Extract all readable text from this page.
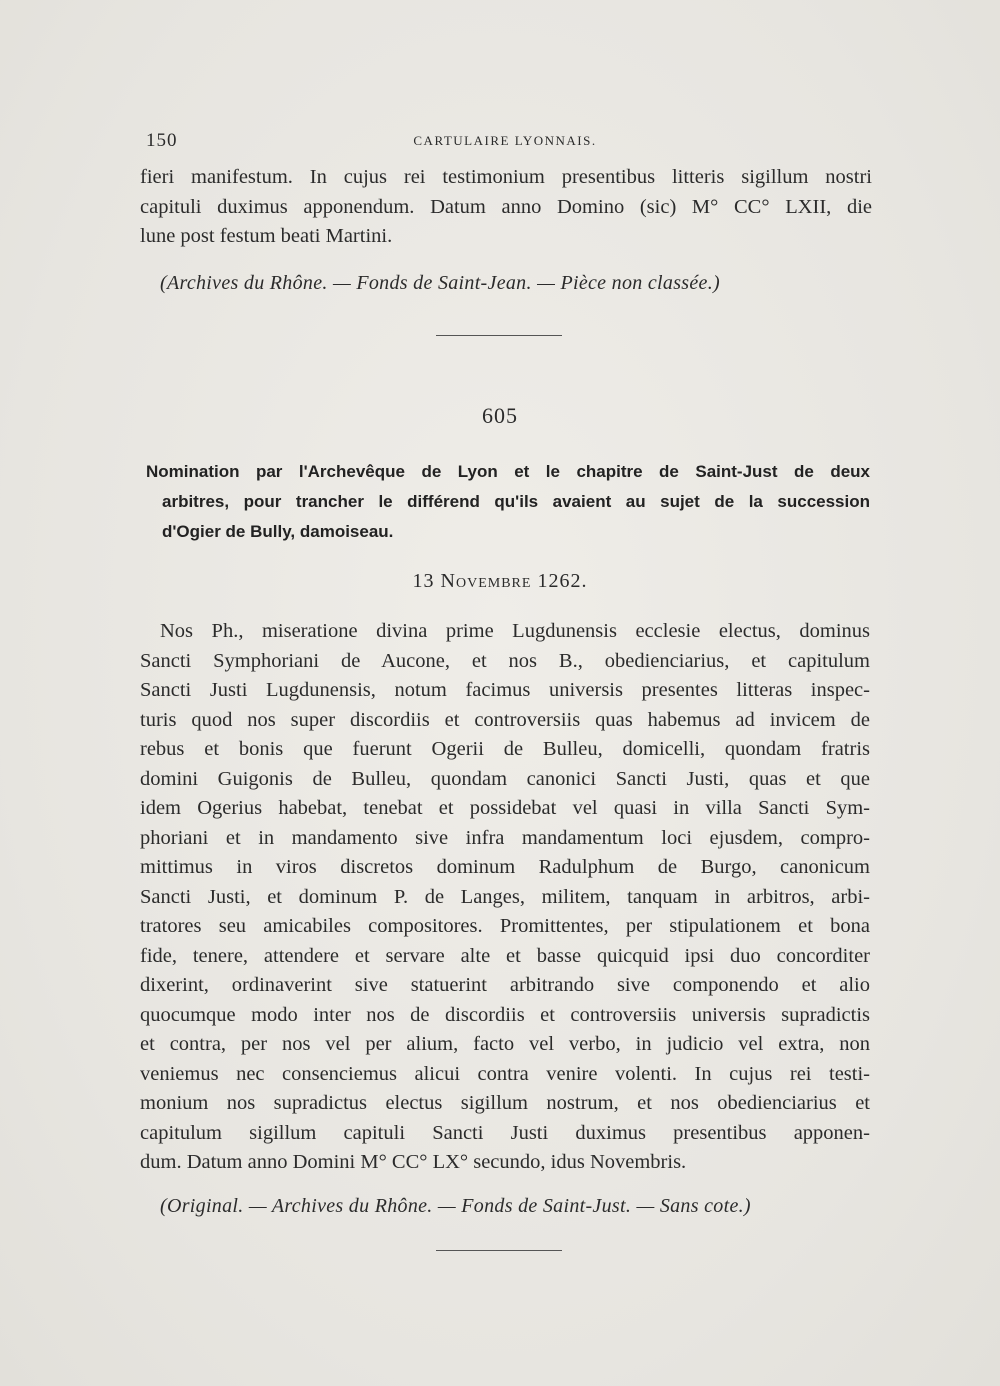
150	CARTULAIRE LYONNAIS.

fieri manifestum. In cujus rei testimonium presentibus litteris sigillum nostri

capituli duximus apponendum. Datum anno Domino (sic) M° CC° LXII, die

lune post festum beati Martini.

(Archives du Rhône. — Fonds de Saint-Jean. — Pièce non classée.)
605
Nomination par l'Archevêque de Lyon et le chapitre de Saint-Just de deux
arbitres, pour trancher le différend qu'ils avaient au sujet de la succession
d'Ogier de Bully, damoiseau.
13 Novembre 1262.
Nos Ph., miseratione divina prime Lugdunensis ecclesie electus, dominus
Sancti Symphoriani de Aucone, et nos B., obedienciarius, et capitulum
Sancti Justi Lugdunensis, notum facimus universis presentes litteras inspec-
turis quod nos super discordiis et controversiis quas habemus ad invicem de
rebus et bonis que fuerunt Ogerii de Bulleu, domicelli, quondam fratris
domini Guigonis de Bulleu, quondam canonici Sancti Justi, quas et que
idem Ogerius habebat, tenebat et possidebat vel quasi in villa Sancti Sym-
phoriani et in mandamento sive infra mandamentum loci ejusdem, compro-
mittimus in viros discretos dominum Radulphum de Burgo, canonicum
Sancti Justi, et dominum P. de Langes, militem, tanquam in arbitros, arbi-
tratores seu amicabiles compositores. Promittentes, per stipulationem et bona
fide, tenere, attendere et servare alte et basse quicquid ipsi duo concorditer
dixerint, ordinaverint sive statuerint arbitrando sive componendo et alio
quocumque modo inter nos de discordiis et controversiis universis supradictis
et contra, per nos vel per alium, facto vel verbo, in judicio vel extra, non
veniemus nec consenciemus alicui contra venire volenti. In cujus rei testi-
monium nos supradictus electus sigillum nostrum, et nos obedienciarius et
capitulum sigillum capituli Sancti Justi duximus presentibus apponen-
dum. Datum anno Domini M° CC° LX° secundo, idus Novembris.
(Original. — Archives du Rhône. — Fonds de Saint-Just. — Sans cote.)
